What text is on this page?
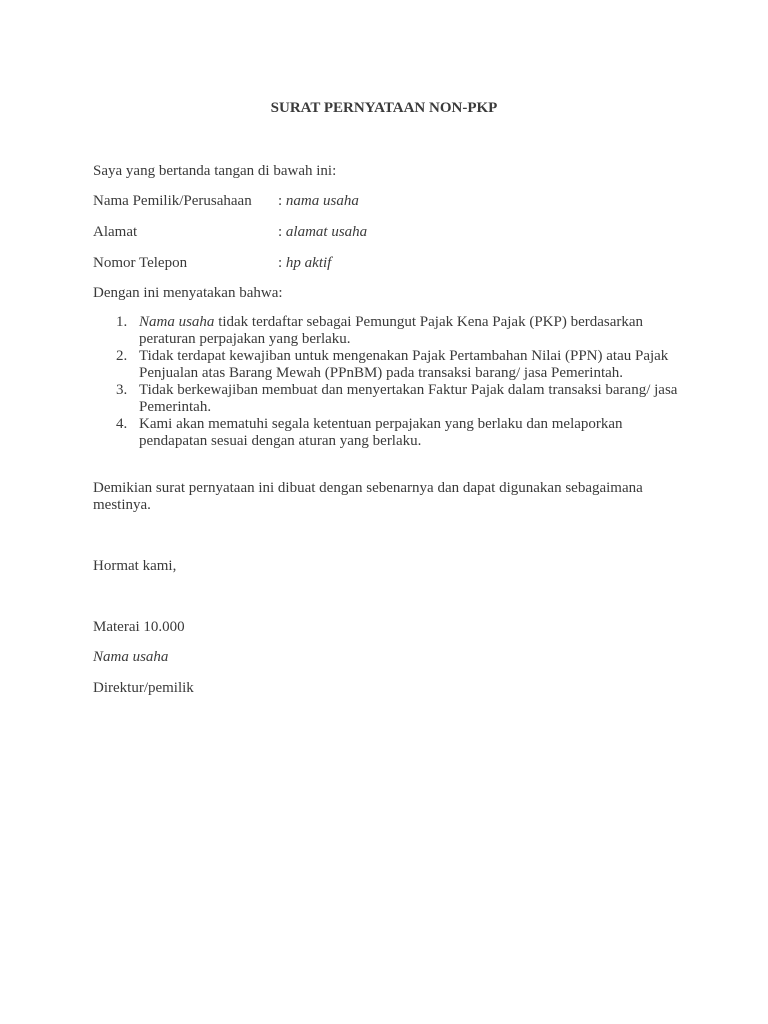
SURAT PERNYATAAN NON-PKP
Saya yang bertanda tangan di bawah ini:
Nama Pemilik/Perusahaan : nama usaha
Alamat	: alamat usaha
Nomor Telepon	: hp aktif
Dengan ini menyatakan bahwa:
1. Nama usaha tidak terdaftar sebagai Pemungut Pajak Kena Pajak (PKP) berdasarkan peraturan perpajakan yang berlaku.
2. Tidak terdapat kewajiban untuk mengenakan Pajak Pertambahan Nilai (PPN) atau Pajak Penjualan atas Barang Mewah (PPnBM) pada transaksi barang/ jasa Pemerintah.
3. Tidak berkewajiban membuat dan menyertakan Faktur Pajak dalam transaksi barang/ jasa Pemerintah.
4. Kami akan mematuhi segala ketentuan perpajakan yang berlaku dan melaporkan pendapatan sesuai dengan aturan yang berlaku.
Demikian surat pernyataan ini dibuat dengan sebenarnya dan dapat digunakan sebagaimana mestinya.
Hormat kami,
Materai 10.000
Nama usaha
Direktur/pemilik
